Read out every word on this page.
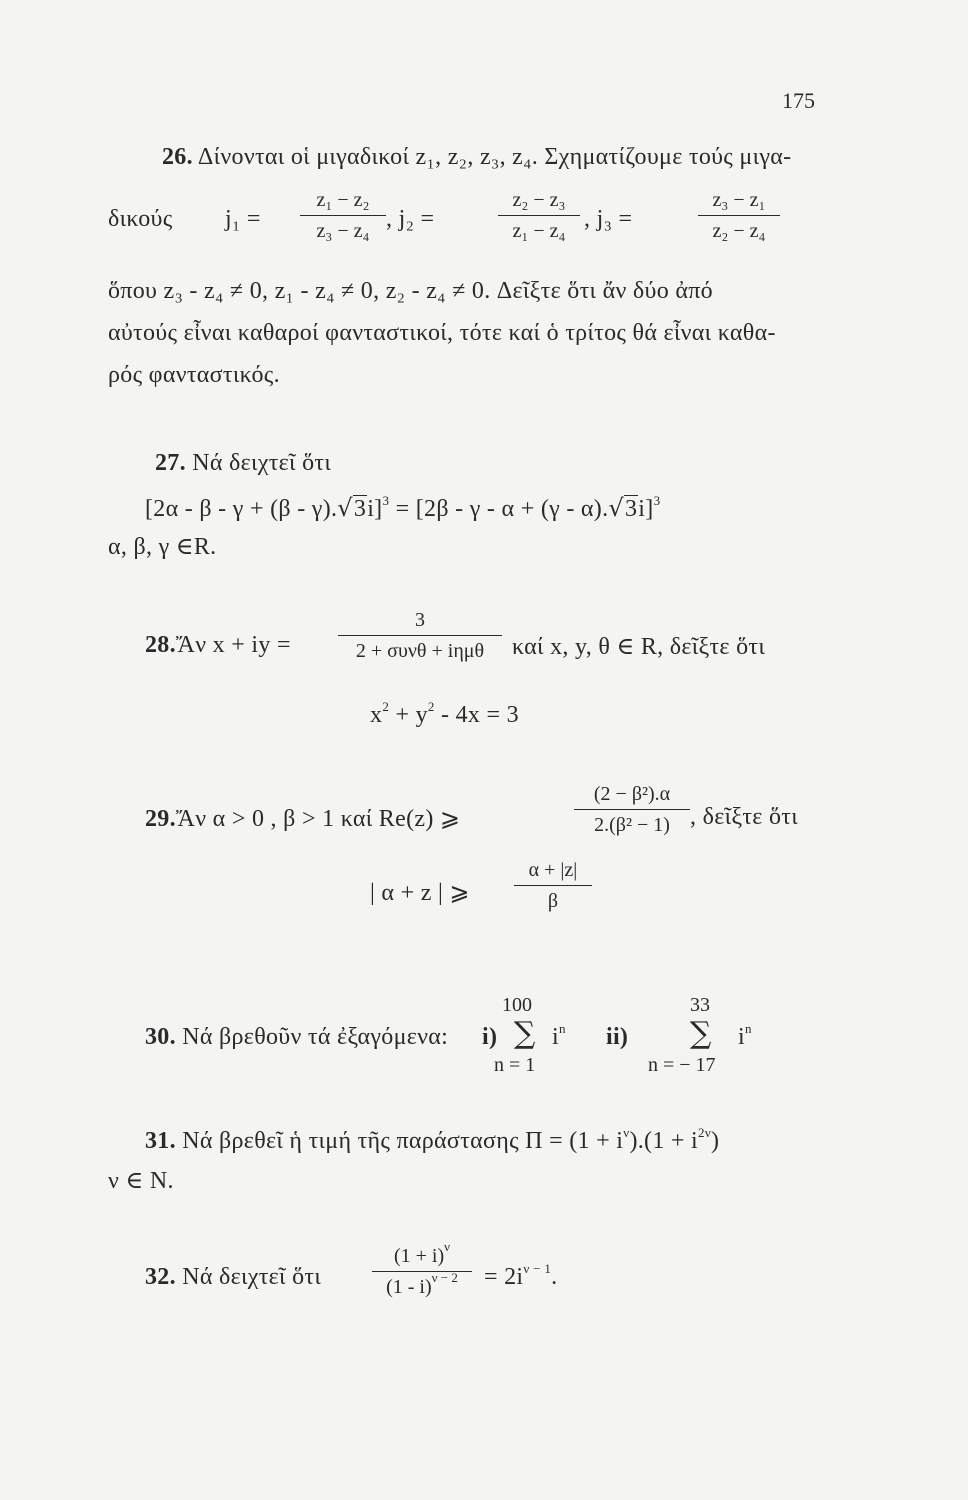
175
26. Δίνονται οἱ μιγαδικοί z₁, z₂, z₃, z₄. Σχηματίζουμε τούς μιγα-
δικούς j₁ =
z₁ − z₂
z₃ − z₄ , j₂ =
z₂ − z₃
z₁ − z₄ , j₃ =
z₃ − z₁
z₂ − z₄
ὅπου z₃ - z₄ ≠ 0, z₁ - z₄ ≠ 0, z₂ - z₄ ≠ 0. Δεῖξτε ὅτι ἄν δύο ἀπό
αὐτούς εἶναι καθαροί φανταστικοί, τότε καί ὁ τρίτος θά εἶναι καθα-
ρός φανταστικός.
27. Νά δειχτεῖ ὅτι
$[2\alpha - \beta - \gamma + (\beta - \gamma).√3i]^3 = [2\beta - \gamma - \alpha + (\gamma - \alpha).√3i]^3$
α, β, γ ∈R.
28.Ἄν x + iy =
3
2 + συνθ + iημθ καί x, y, θ ∈ R, δεῖξτε ὅτι
$x^2 + y^2 - 4x = 3$
29.Ἄν α > 0 , β > 1 καί Re(z) ⩾
(2 − β²).α
2.(β² − 1) , δεῖξτε ὅτι
| α + z | ⩾
α + |z|
β
30. Νά βρεθοῦν τά ἐξαγόμενα: i)
100
∑ $i^n$
n = 1
ii)
33
∑ $i^n$
n = − 17
31. Νά βρεθεῖ ἡ τιμή τῆς παράστασης $\Pi = (1 + i^\nu).(1 + i^{2\nu})$
ν ∈ N.
32. Νά δειχτεῖ ὅτι
$(1 + i)^\nu$
$(1 - i)^{\nu - 2} = 2i^{\nu - 1}$.
